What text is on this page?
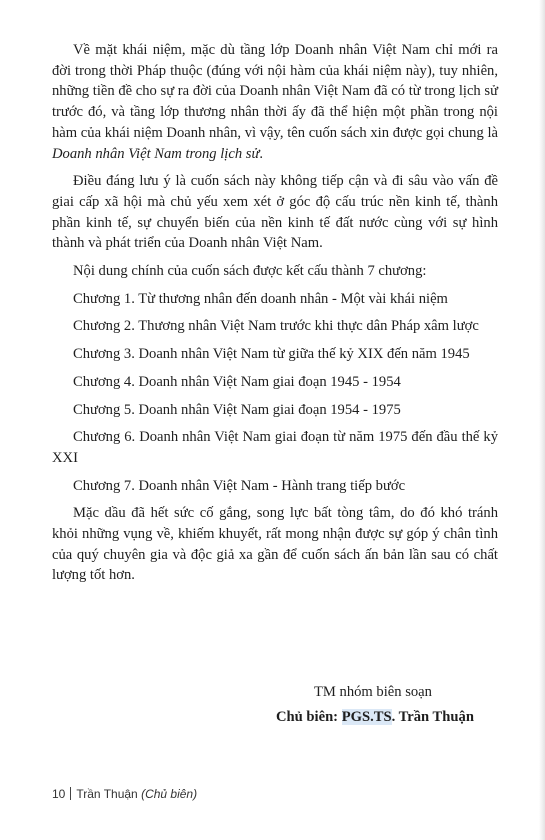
Về mặt khái niệm, mặc dù tầng lớp Doanh nhân Việt Nam chỉ mới ra đời trong thời Pháp thuộc (đúng với nội hàm của khái niệm này), tuy nhiên, những tiền đề cho sự ra đời của Doanh nhân Việt Nam đã có từ trong lịch sử trước đó, và tầng lớp thương nhân thời ấy đã thể hiện một phần trong nội hàm của khái niệm Doanh nhân, vì vậy, tên cuốn sách xin được gọi chung là Doanh nhân Việt Nam trong lịch sử.

Điều đáng lưu ý là cuốn sách này không tiếp cận và đi sâu vào vấn đề giai cấp xã hội mà chủ yếu xem xét ở góc độ cấu trúc nền kinh tế, thành phần kinh tế, sự chuyển biến của nền kinh tế đất nước cùng với sự hình thành và phát triển của Doanh nhân Việt Nam.

Nội dung chính của cuốn sách được kết cấu thành 7 chương:

Chương 1. Từ thương nhân đến doanh nhân - Một vài khái niệm

Chương 2. Thương nhân Việt Nam trước khi thực dân Pháp xâm lược

Chương 3. Doanh nhân Việt Nam từ giữa thế kỷ XIX đến năm 1945

Chương 4. Doanh nhân Việt Nam giai đoạn 1945 - 1954

Chương 5. Doanh nhân Việt Nam giai đoạn 1954 - 1975

Chương 6. Doanh nhân Việt Nam giai đoạn từ năm 1975 đến đầu thế kỷ XXI

Chương 7. Doanh nhân Việt Nam - Hành trang tiếp bước

Mặc dầu đã hết sức cố gắng, song lực bất tòng tâm, do đó khó tránh khỏi những vụng về, khiếm khuyết, rất mong nhận được sự góp ý chân tình của quý chuyên gia và độc giả xa gần để cuốn sách ấn bản lần sau có chất lượng tốt hơn.

TM nhóm biên soạn
Chủ biên: PGS.TS. Trần Thuận
10 Trần Thuận (Chủ biên)
